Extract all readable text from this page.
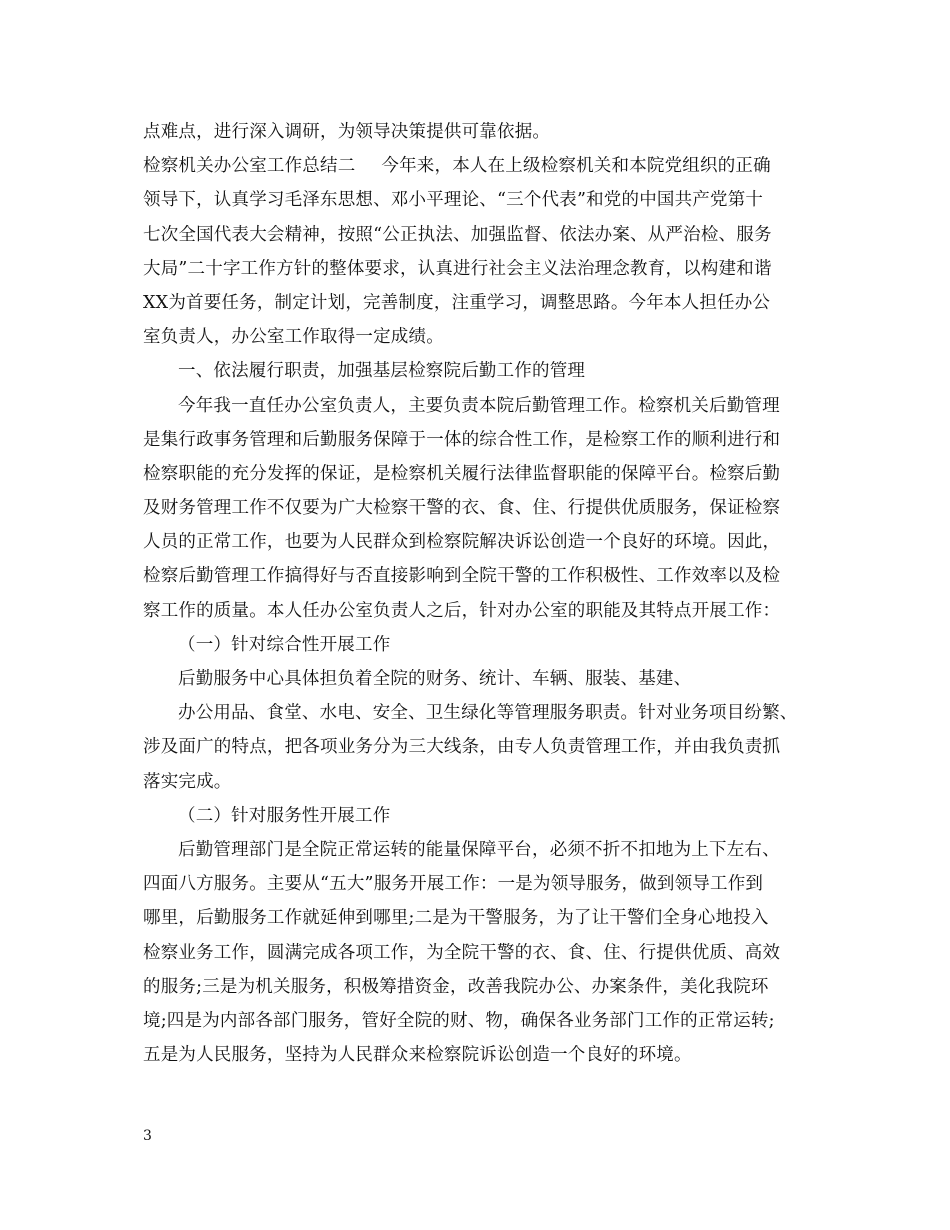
点难点，进行深入调研，为领导决策提供可靠依据。
检察机关办公室工作总结二 今年来，本人在上级检察机关和本院党组织的正确
领导下，认真学习毛泽东思想、邓小平理论、“三个代表”和党的中国共产党第十
七次全国代表大会精神，按照“公正执法、加强监督、依法办案、从严治检、服务
大局”二十字工作方针的整体要求，认真进行社会主义法治理念教育，以构建和谐
XX为首要任务，制定计划，完善制度，注重学习，调整思路。今年本人担任办公
室负责人，办公室工作取得一定成绩。
一、依法履行职责，加强基层检察院后勤工作的管理
今年我一直任办公室负责人，主要负责本院后勤管理工作。检察机关后勤管理
是集行政事务管理和后勤服务保障于一体的综合性工作，是检察工作的顺利进行和
检察职能的充分发挥的保证，是检察机关履行法律监督职能的保障平台。检察后勤
及财务管理工作不仅要为广大检察干警的衣、食、住、行提供优质服务，保证检察
人员的正常工作，也要为人民群众到检察院解决诉讼创造一个良好的环境。因此，
检察后勤管理工作搞得好与否直接影响到全院干警的工作积极性、工作效率以及检
察工作的质量。本人任办公室负责人之后，针对办公室的职能及其特点开展工作：
（一）针对综合性开展工作
后勤服务中心具体担负着全院的财务、统计、车辆、服装、基建、
办公用品、食堂、水电、安全、卫生绿化等管理服务职责。针对业务项目纷繁、
涉及面广的特点，把各项业务分为三大线条，由专人负责管理工作，并由我负责抓
落实完成。
（二）针对服务性开展工作
后勤管理部门是全院正常运转的能量保障平台，必须不折不扣地为上下左右、
四面八方服务。主要从“五大”服务开展工作：一是为领导服务，做到领导工作到
哪里，后勤服务工作就延伸到哪里;二是为干警服务，为了让干警们全身心地投入
检察业务工作，圆满完成各项工作，为全院干警的衣、食、住、行提供优质、高效
的服务;三是为机关服务，积极筹措资金，改善我院办公、办案条件，美化我院环
境;四是为内部各部门服务，管好全院的财、物，确保各业务部门工作的正常运转;
五是为人民服务，坚持为人民群众来检察院诉讼创造一个良好的环境。
3
